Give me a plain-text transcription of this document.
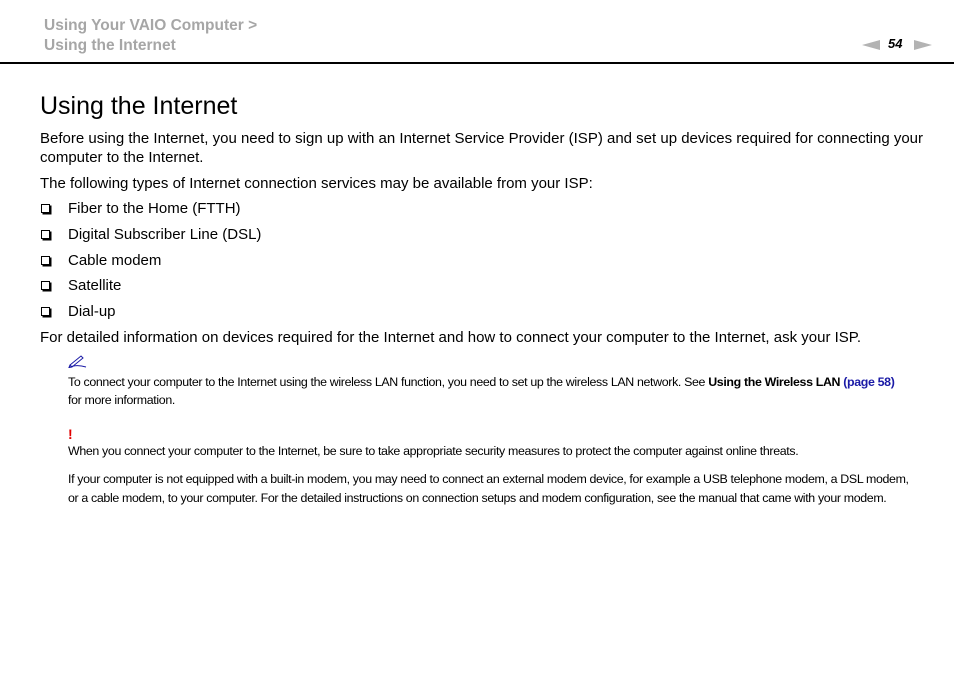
Using Your VAIO Computer >
Using the Internet	54
Using the Internet

Before using the Internet, you need to sign up with an Internet Service Provider (ISP) and set up devices required for connecting your computer to the Internet.

The following types of Internet connection services may be available from your ISP:

Fiber to the Home (FTTH)
Digital Subscriber Line (DSL)
Cable modem
Satellite
Dial-up

For detailed information on devices required for the Internet and how to connect your computer to the Internet, ask your ISP.

To connect your computer to the Internet using the wireless LAN function, you need to set up the wireless LAN network. See Using the Wireless LAN (page 58) for more information.
!
When you connect your computer to the Internet, be sure to take appropriate security measures to protect the computer against online threats.
If your computer is not equipped with a built-in modem, you may need to connect an external modem device, for example a USB telephone modem, a DSL modem, or a cable modem, to your computer. For the detailed instructions on connection setups and modem configuration, see the manual that came with your modem.
